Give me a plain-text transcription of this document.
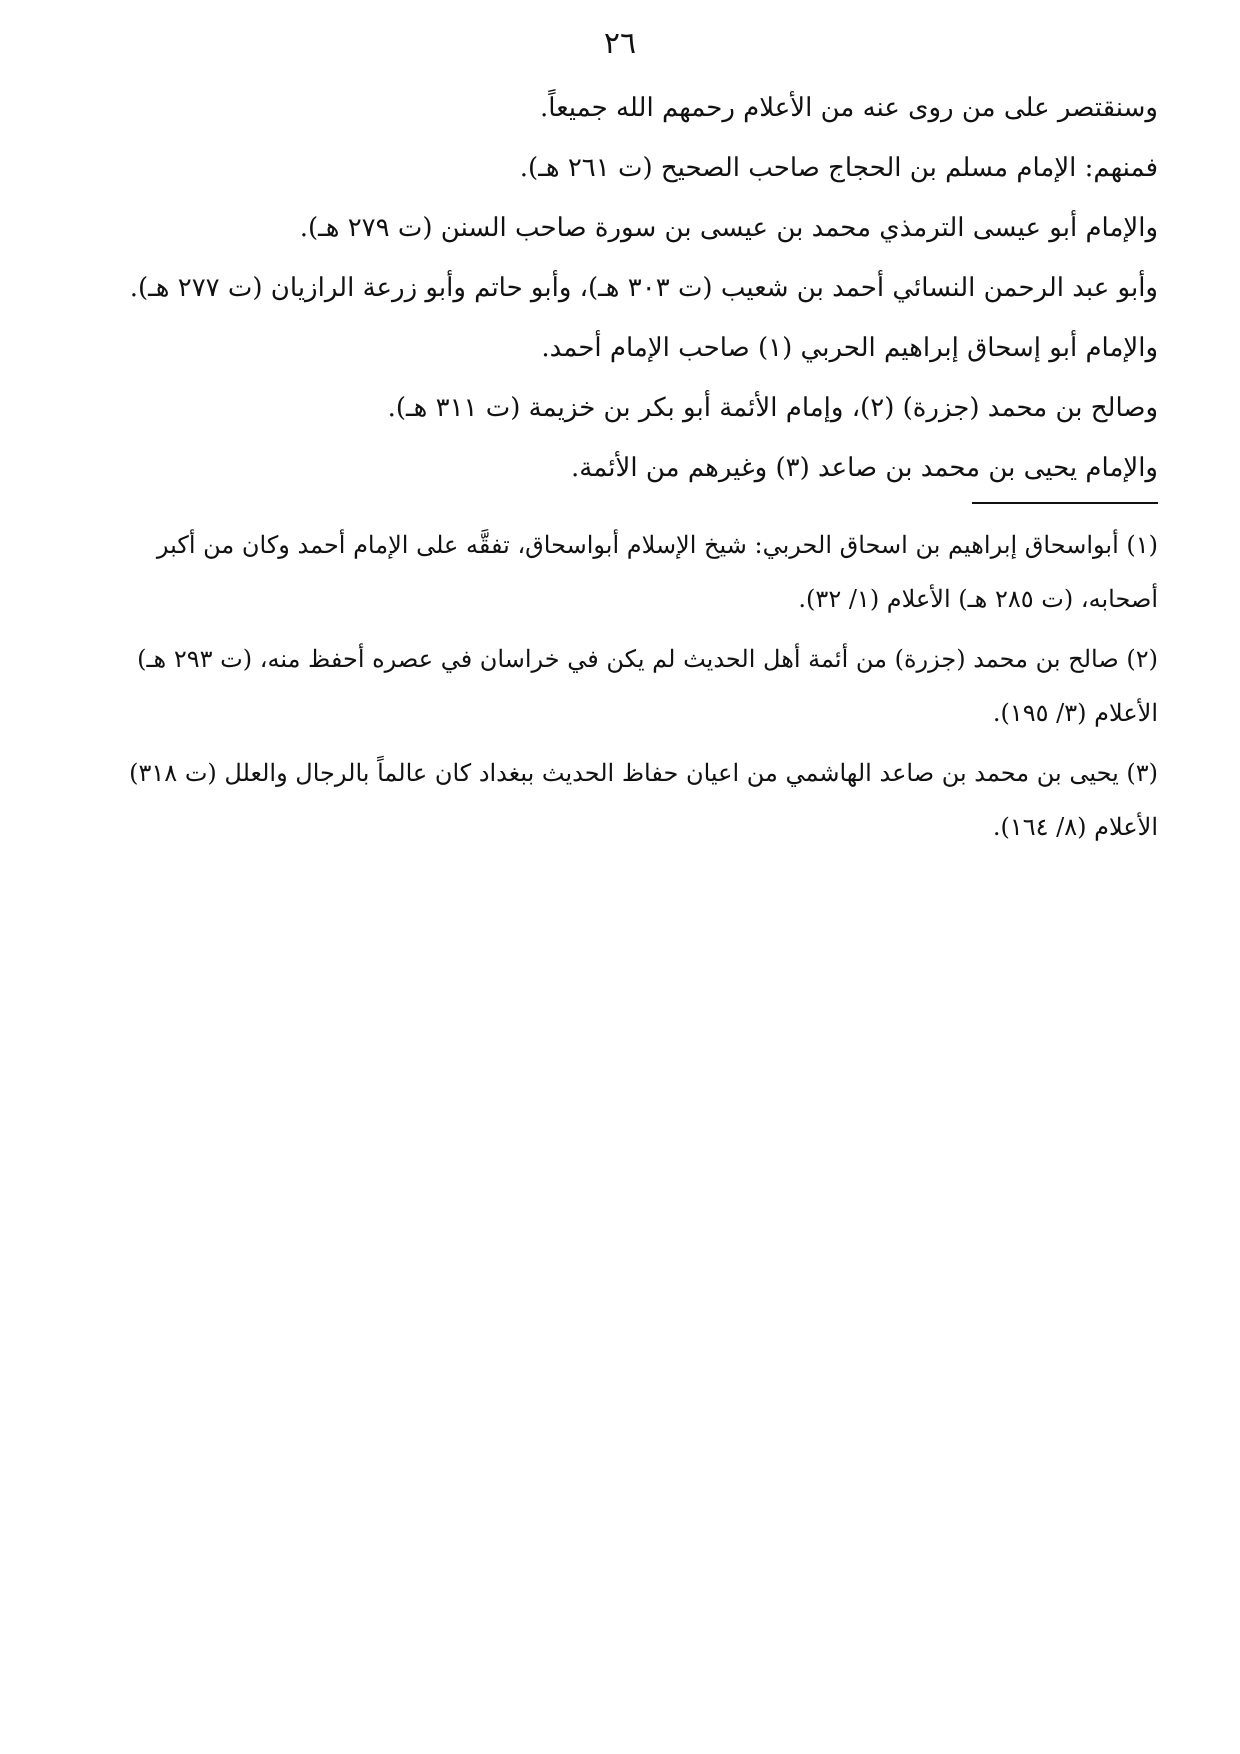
٢٦

وسنقتصر على من روى عنه من الأعلام رحمهم الله جميعاً.

فمنهم: الإمام مسلم بن الحجاج صاحب الصحيح (ت ٢٦١ هـ).

والإمام أبو عيسى الترمذي محمد بن عيسى بن سورة صاحب السنن (ت ٢٧٩ هـ).

وأبو عبد الرحمن النسائي أحمد بن شعيب (ت ٣٠٣ هـ)، وأبو حاتم وأبو زرعة الرازيان (ت ٢٧٧ هـ).

والإمام أبو إسحاق إبراهيم الحربي (١) صاحب الإمام أحمد.

وصالح بن محمد (جزرة) (٢)، وإمام الأئمة أبو بكر بن خزيمة (ت ٣١١ هـ).

والإمام يحيى بن محمد بن صاعد (٣) وغيرهم من الأئمة.

(١) أبواسحاق إبراهيم بن اسحاق الحربي: شيخ الإسلام أبواسحاق، تفقَّه على الإمام أحمد وكان من أكبر أصحابه، (ت ٢٨٥ هـ) الأعلام (١/ ٣٢).

(٢) صالح بن محمد (جزرة) من أئمة أهل الحديث لم يكن في خراسان في عصره أحفظ منه، (ت ٢٩٣ هـ) الأعلام (٣/ ١٩٥).

(٣) يحيى بن محمد بن صاعد الهاشمي من اعيان حفاظ الحديث ببغداد كان عالماً بالرجال والعلل (ت ٣١٨) الأعلام (٨/ ١٦٤).
